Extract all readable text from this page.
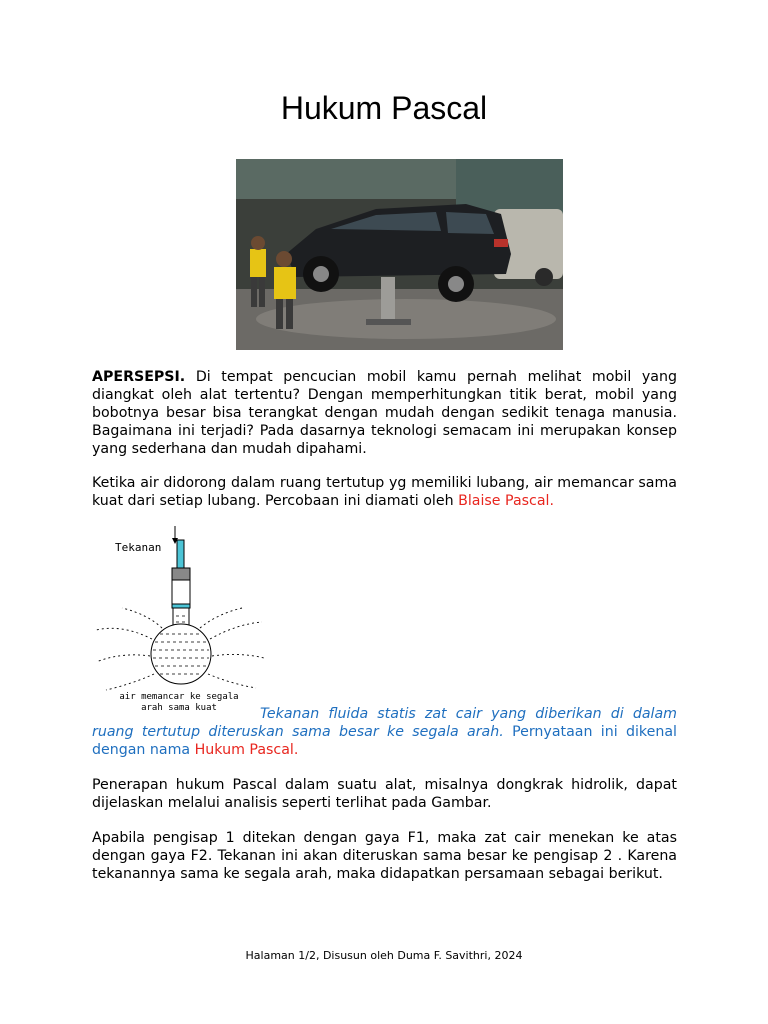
Hukum Pascal

APERSEPSI. Di tempat pencucian mobil kamu pernah melihat mobil yang diangkat oleh alat tertentu? Dengan memperhitungkan titik berat, mobil yang bobotnya besar bisa terangkat dengan mudah dengan sedikit tenaga manusia. Bagaimana ini terjadi? Pada dasarnya teknologi semacam ini merupakan konsep yang sederhana dan mudah dipahami.

Ketika air didorong dalam ruang tertutup yg memiliki lubang, air memancar sama kuat dari setiap lubang. Percobaan ini diamati oleh Blaise Pascal.

Tekanan
air memancar ke segala
arah sama kuat	Tekanan fluida statis zat cair yang diberikan di dalam ruang tertutup diteruskan sama besar ke segala arah. Pernyataan ini dikenal dengan nama Hukum Pascal.

Penerapan hukum Pascal dalam suatu alat, misalnya dongkrak hidrolik, dapat dijelaskan melalui analisis seperti terlihat pada Gambar.

Apabila pengisap 1 ditekan dengan gaya F1, maka zat cair menekan ke atas dengan gaya F2. Tekanan ini akan diteruskan sama besar ke pengisap 2 . Karena tekanannya sama ke segala arah, maka didapatkan persamaan sebagai berikut.

Halaman 1/2, Disusun oleh Duma F. Savithri, 2024
